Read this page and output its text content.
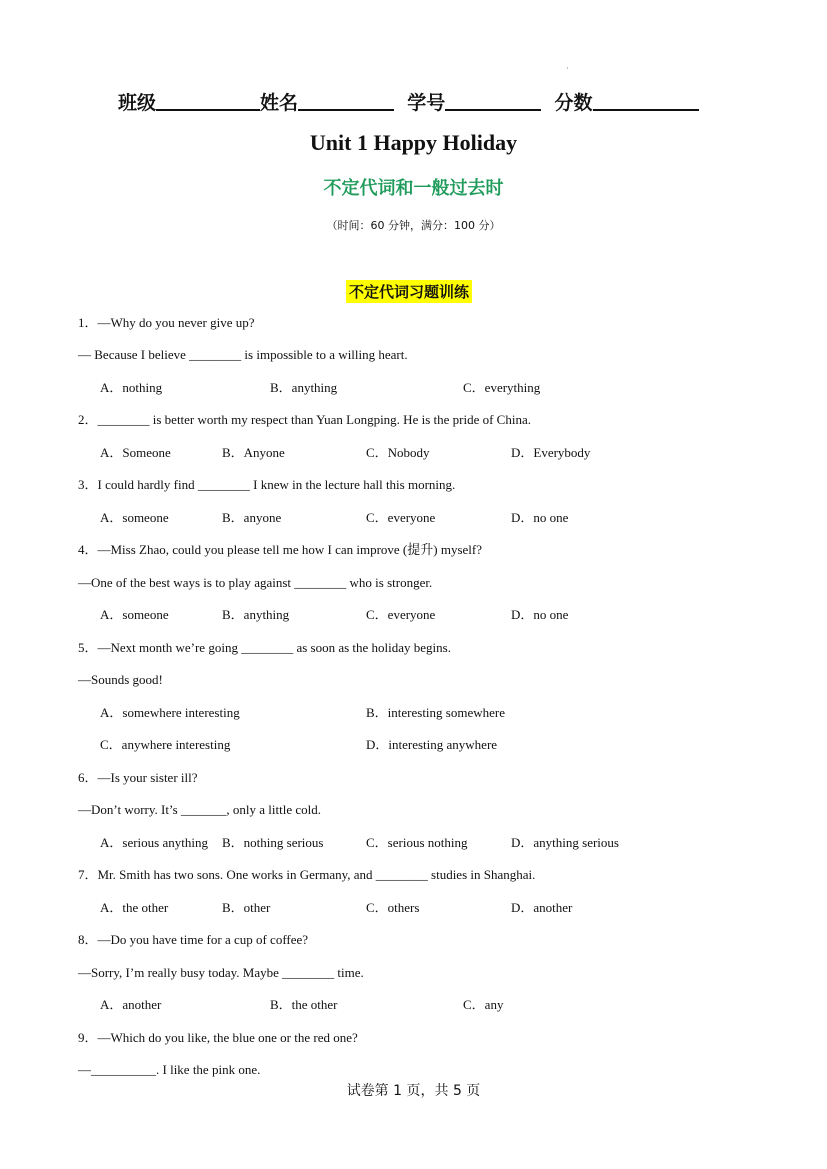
·
班级	姓名	学号	分数
Unit 1 Happy Holiday
不定代词和一般过去时
（时间：60 分钟，满分：100 分）
不定代词习题训练
1．—Why do you never give up?
— Because I believe ________ is impossible to a willing heart.
A．nothing	B．anything	C．everything
2．________ is better worth my respect than Yuan Longping. He is the pride of China.
A．Someone	B．Anyone	C．Nobody	D．Everybody
3．I could hardly find ________ I knew in the lecture hall this morning.
A．someone	B．anyone	C．everyone	D．no one
4．—Miss Zhao, could you please tell me how I can improve (提升) myself?
—One of the best ways is to play against ________ who is stronger.
A．someone	B．anything	C．everyone	D．no one
5．—Next month we’re going ________ as soon as the holiday begins.
—Sounds good!
A．somewhere interesting	B．interesting somewhere
C．anywhere interesting	D．interesting anywhere
6．—Is your sister ill?
—Don’t worry. It’s _______, only a little cold.
A．serious anything B．nothing serious	C．serious nothing	D．anything serious
7．Mr. Smith has two sons. One works in Germany, and ________ studies in Shanghai.
A．the other	B．other	C．others	D．another
8．—Do you have time for a cup of coffee?
—Sorry, I’m really busy today. Maybe ________ time.
A．another	B．the other	C．any
9．—Which do you like, the blue one or the red one?
—__________. I like the pink one.
试卷第 1 页，共 5 页
